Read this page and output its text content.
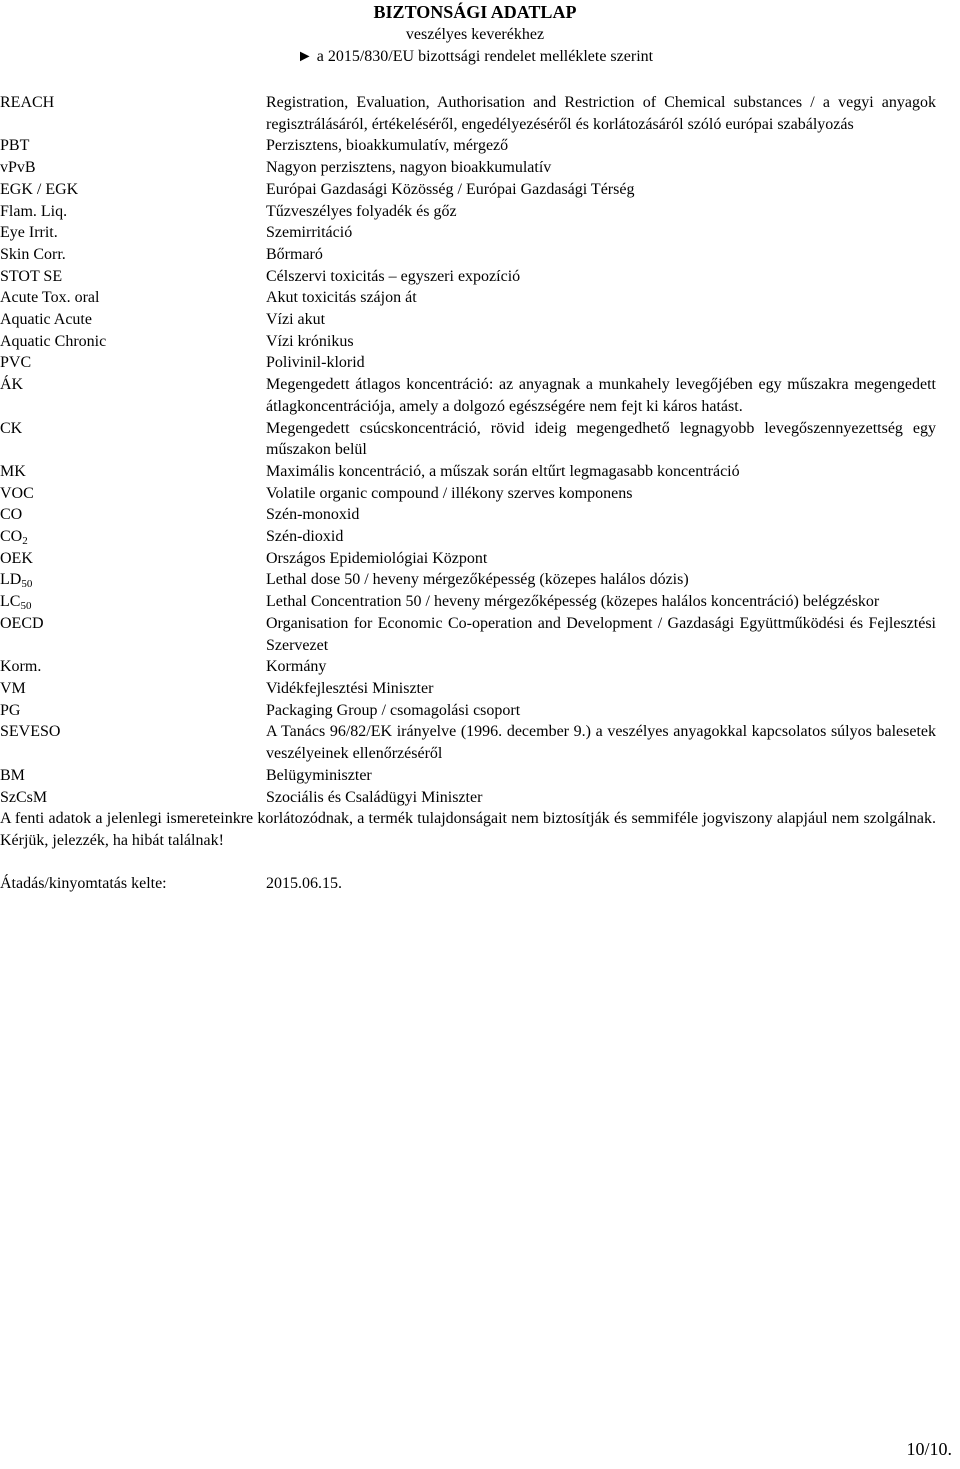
BIZTONSÁGI ADATLAP
veszélyes keverékhez
► a 2015/830/EU bizottsági rendelet melléklete szerint
REACH	Registration, Evaluation, Authorisation and Restriction of Chemical substances / a vegyi anyagok regisztrálásáról, értékeléséről, engedélyezéséről és korlátozásáról szóló európai szabályozás
PBT	Perzisztens, bioakkumulatív, mérgező
vPvB	Nagyon perzisztens, nagyon bioakkumulatív
EGK / EGK	Európai Gazdasági Közösség / Európai Gazdasági Térség
Flam. Liq.	Tűzveszélyes folyadék és gőz
Eye Irrit.	Szemirritáció
Skin Corr.	Bőrmaró
STOT SE	Célszervi toxicitás – egyszeri expozíció
Acute Tox. oral	Akut toxicitás szájon át
Aquatic Acute	Vízi akut
Aquatic Chronic	Vízi krónikus
PVC	Polivinil-klorid
ÁK	Megengedett átlagos koncentráció: az anyagnak a munkahely levegőjében egy műszakra megengedett átlagkoncentrációja, amely a dolgozó egészségére nem fejt ki káros hatást.
CK	Megengedett csúcskoncentráció, rövid ideig megengedhető legnagyobb levegőszennyezettség egy műszakon belül
MK	Maximális koncentráció, a műszak során eltűrt legmagasabb koncentráció
VOC	Volatile organic compound / illékony szerves komponens
CO	Szén-monoxid
CO2	Szén-dioxid
OEK	Országos Epidemiológiai Központ
LD50	Lethal dose 50 / heveny mérgezőképesség (közepes halálos dózis)
LC50	Lethal Concentration 50 / heveny mérgezőképesség (közepes halálos koncentráció) belégzéskor
OECD	Organisation for Economic Co-operation and Development / Gazdasági Együttműködési és Fejlesztési Szervezet
Korm.	Kormány
VM	Vidékfejlesztési Miniszter
PG	Packaging Group / csomagolási csoport
SEVESO	A Tanács 96/82/EK irányelve (1996. december 9.) a veszélyes anyagokkal kapcsolatos súlyos balesetek veszélyeinek ellenőrzéséről
BM	Belügyminiszter
SzCsM	Szociális és Családügyi Miniszter
A fenti adatok a jelenlegi ismereteinkre korlátozódnak, a termék tulajdonságait nem biztosítják és semmiféle jogviszony alapjául nem szolgálnak. Kérjük, jelezzék, ha hibát találnak!
Átadás/kinyomtatás kelte:	2015.06.15.
10/10.
